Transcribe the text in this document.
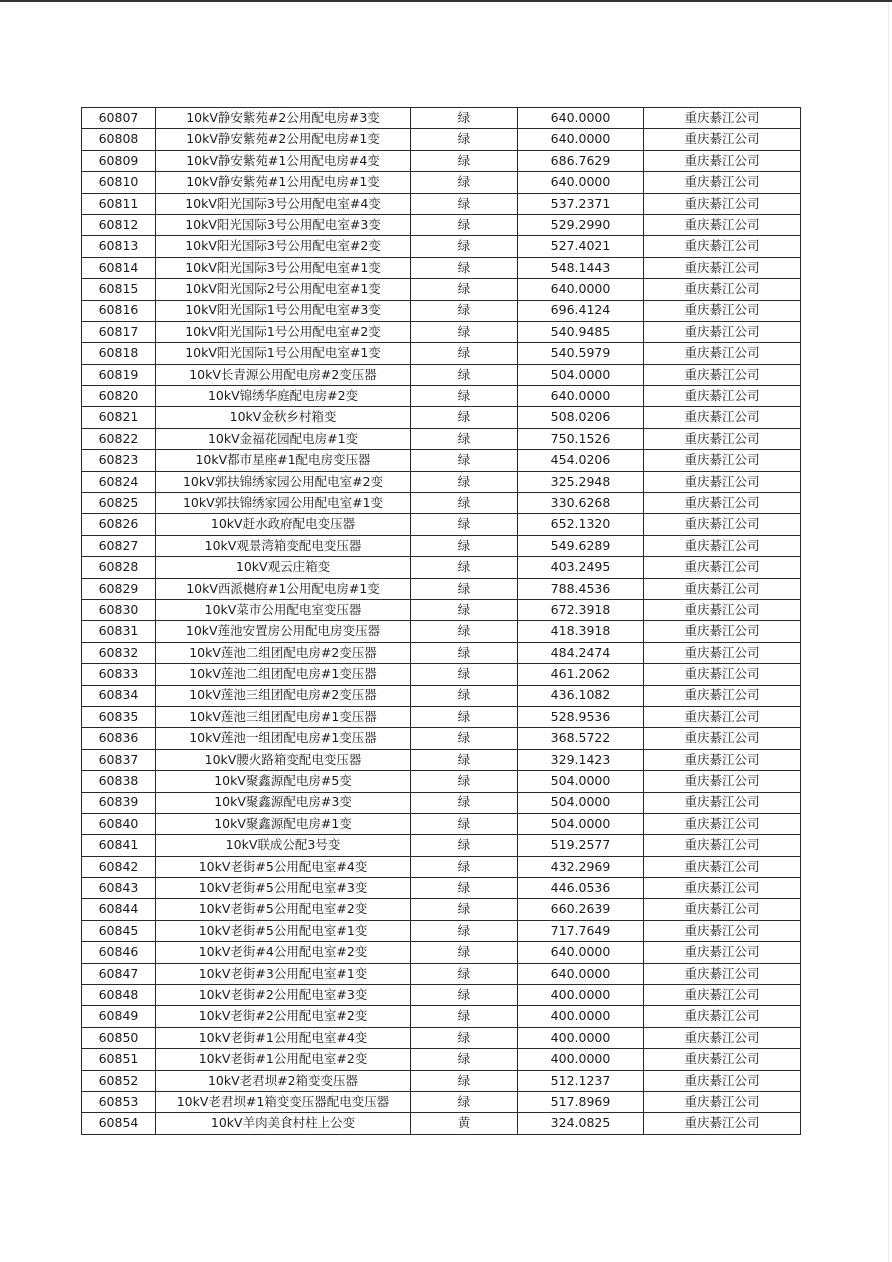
60807	10kV静安紫苑#2公用配电房#3变	绿	640.0000	重庆綦江公司
60808	10kV静安紫苑#2公用配电房#1变	绿	640.0000	重庆綦江公司
60809	10kV静安紫苑#1公用配电房#4变	绿	686.7629	重庆綦江公司
60810	10kV静安紫苑#1公用配电房#1变	绿	640.0000	重庆綦江公司
60811	10kV阳光国际3号公用配电室#4变	绿	537.2371	重庆綦江公司
60812	10kV阳光国际3号公用配电室#3变	绿	529.2990	重庆綦江公司
60813	10kV阳光国际3号公用配电室#2变	绿	527.4021	重庆綦江公司
60814	10kV阳光国际3号公用配电室#1变	绿	548.1443	重庆綦江公司
60815	10kV阳光国际2号公用配电室#1变	绿	640.0000	重庆綦江公司
60816	10kV阳光国际1号公用配电室#3变	绿	696.4124	重庆綦江公司
60817	10kV阳光国际1号公用配电室#2变	绿	540.9485	重庆綦江公司
60818	10kV阳光国际1号公用配电室#1变	绿	540.5979	重庆綦江公司
60819	10kV长青源公用配电房#2变压器	绿	504.0000	重庆綦江公司
60820	10kV锦绣华庭配电房#2变	绿	640.0000	重庆綦江公司
60821	10kV金秋乡村箱变	绿	508.0206	重庆綦江公司
60822	10kV金福花园配电房#1变	绿	750.1526	重庆綦江公司
60823	10kV都市星座#1配电房变压器	绿	454.0206	重庆綦江公司
60824	10kV郭扶锦绣家园公用配电室#2变	绿	325.2948	重庆綦江公司
60825	10kV郭扶锦绣家园公用配电室#1变	绿	330.6268	重庆綦江公司
60826	10kV赶水政府配电变压器	绿	652.1320	重庆綦江公司
60827	10kV观景湾箱变配电变压器	绿	549.6289	重庆綦江公司
60828	10kV观云庄箱变	绿	403.2495	重庆綦江公司
60829	10kV西派樾府#1公用配电房#1变	绿	788.4536	重庆綦江公司
60830	10kV菜市公用配电室变压器	绿	672.3918	重庆綦江公司
60831	10kV莲池安置房公用配电房变压器	绿	418.3918	重庆綦江公司
60832	10kV莲池二组团配电房#2变压器	绿	484.2474	重庆綦江公司
60833	10kV莲池二组团配电房#1变压器	绿	461.2062	重庆綦江公司
60834	10kV莲池三组团配电房#2变压器	绿	436.1082	重庆綦江公司
60835	10kV莲池三组团配电房#1变压器	绿	528.9536	重庆綦江公司
60836	10kV莲池一组团配电房#1变压器	绿	368.5722	重庆綦江公司
60837	10kV腰火路箱变配电变压器	绿	329.1423	重庆綦江公司
60838	10kV聚鑫源配电房#5变	绿	504.0000	重庆綦江公司
60839	10kV聚鑫源配电房#3变	绿	504.0000	重庆綦江公司
60840	10kV聚鑫源配电房#1变	绿	504.0000	重庆綦江公司
60841	10kV联成公配3号变	绿	519.2577	重庆綦江公司
60842	10kV老街#5公用配电室#4变	绿	432.2969	重庆綦江公司
60843	10kV老街#5公用配电室#3变	绿	446.0536	重庆綦江公司
60844	10kV老街#5公用配电室#2变	绿	660.2639	重庆綦江公司
60845	10kV老街#5公用配电室#1变	绿	717.7649	重庆綦江公司
60846	10kV老街#4公用配电室#2变	绿	640.0000	重庆綦江公司
60847	10kV老街#3公用配电室#1变	绿	640.0000	重庆綦江公司
60848	10kV老街#2公用配电室#3变	绿	400.0000	重庆綦江公司
60849	10kV老街#2公用配电室#2变	绿	400.0000	重庆綦江公司
60850	10kV老街#1公用配电室#4变	绿	400.0000	重庆綦江公司
60851	10kV老街#1公用配电室#2变	绿	400.0000	重庆綦江公司
60852	10kV老君坝#2箱变变压器	绿	512.1237	重庆綦江公司
60853	10kV老君坝#1箱变变压器配电变压器	绿	517.8969	重庆綦江公司
60854	10kV羊肉美食村柱上公变	黄	324.0825	重庆綦江公司
